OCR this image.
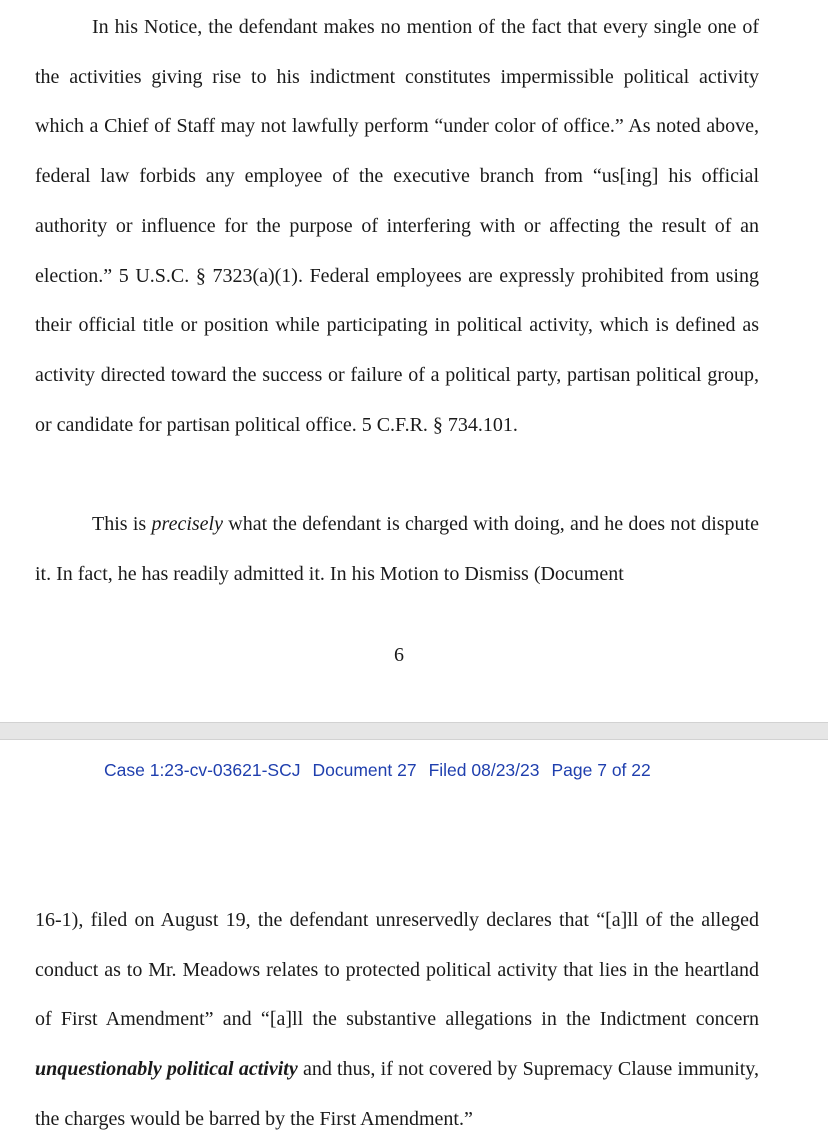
In his Notice, the defendant makes no mention of the fact that every single one of the activities giving rise to his indictment constitutes impermissible political activity which a Chief of Staff may not lawfully perform “under color of office.” As noted above, federal law forbids any employee of the executive branch from “us[ing] his official authority or influence for the purpose of interfering with or affecting the result of an election.” 5 U.S.C. § 7323(a)(1). Federal employees are expressly prohibited from using their official title or position while participating in political activity, which is defined as activity directed toward the success or failure of a political party, partisan political group, or candidate for partisan political office. 5 C.F.R. § 734.101.

This is precisely what the defendant is charged with doing, and he does not dispute it. In fact, he has readily admitted it. In his Motion to Dismiss (Document

6
Case 1:23-cv-03621-SCJ Document 27 Filed 08/23/23 Page 7 of 22

16-1), filed on August 19, the defendant unreservedly declares that “[a]ll of the alleged conduct as to Mr. Meadows relates to protected political activity that lies in the heartland of First Amendment” and “[a]ll the substantive allegations in the Indictment concern unquestionably political activity and thus, if not covered by Supremacy Clause immunity, the charges would be barred by the First Amendment.”
